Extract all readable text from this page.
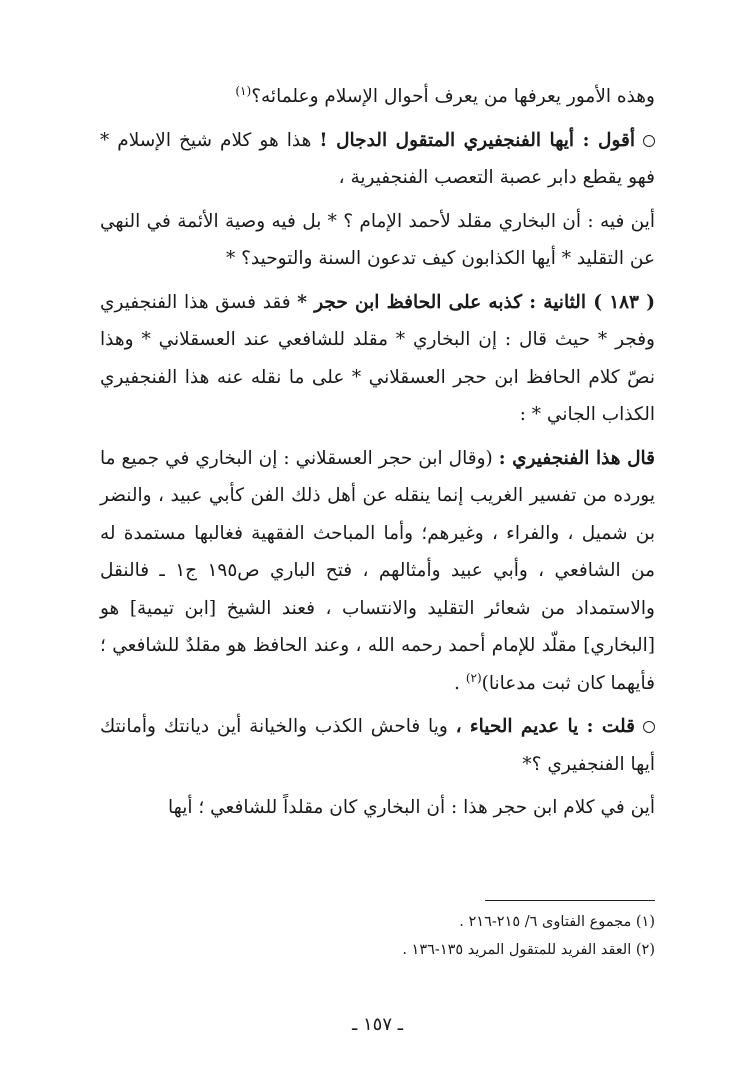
وهذه الأمور يعرفها من يعرف أحوال الإسلام وعلمائه؟$^{(١)}$

أقول : أيها الفنجفيري المتقول الدجال ! هذا هو كلام شيخ الإسلام * فهو يقطع دابر عصبة التعصب الفنجفيرية ،

أين فيه : أن البخاري مقلد لأحمد الإمام ؟ * بل فيه وصية الأئمة في النهي عن التقليد * أيها الكذابون كيف تدعون السنة والتوحيد؟ *

( ١٨٣ ) الثانية : كذبه على الحافظ ابن حجر * فقد فسق هذا الفنجفيري وفجر * حيث قال : إن البخاري * مقلد للشافعي عند العسقلاني * وهذا نصّ كلام الحافظ ابن حجر العسقلاني * على ما نقله عنه هذا الفنجفيري الكذاب الجاني * :

قال هذا الفنجفيري : (وقال ابن حجر العسقلاني : إن البخاري في جميع ما يورده من تفسير الغريب إنما ينقله عن أهل ذلك الفن كأبي عبيد ، والنضر بن شميل ، والفراء ، وغيرهم؛ وأما المباحث الفقهية فغالبها مستمدة له من الشافعي ، وأبي عبيد وأمثالهم ، فتح الباري ص١٩٥ ج١ ـ فالنقل والاستمداد من شعائر التقليد والانتساب ، فعند الشيخ [ابن تيمية] هو [البخاري] مقلّد للإمام أحمد رحمه الله ، وعند الحافظ هو مقلدٌ للشافعي ؛ فأيهما كان ثبت مدعانا)$^{(٢)}$ .

قلت : يا عديم الحياء ، ويا فاحش الكذب والخيانة أين ديانتك وأمانتك أيها الفنجفيري ؟*

أين في كلام ابن حجر هذا : أن البخاري كان مقلداً للشافعي ؛ أيها

(١) مجموع الفتاوى ٦/ ٢١٥-٢١٦ .

(٢) العقد الفريد للمتقول المريد ١٣٥-١٣٦ .

ـ ١٥٧ ـ
